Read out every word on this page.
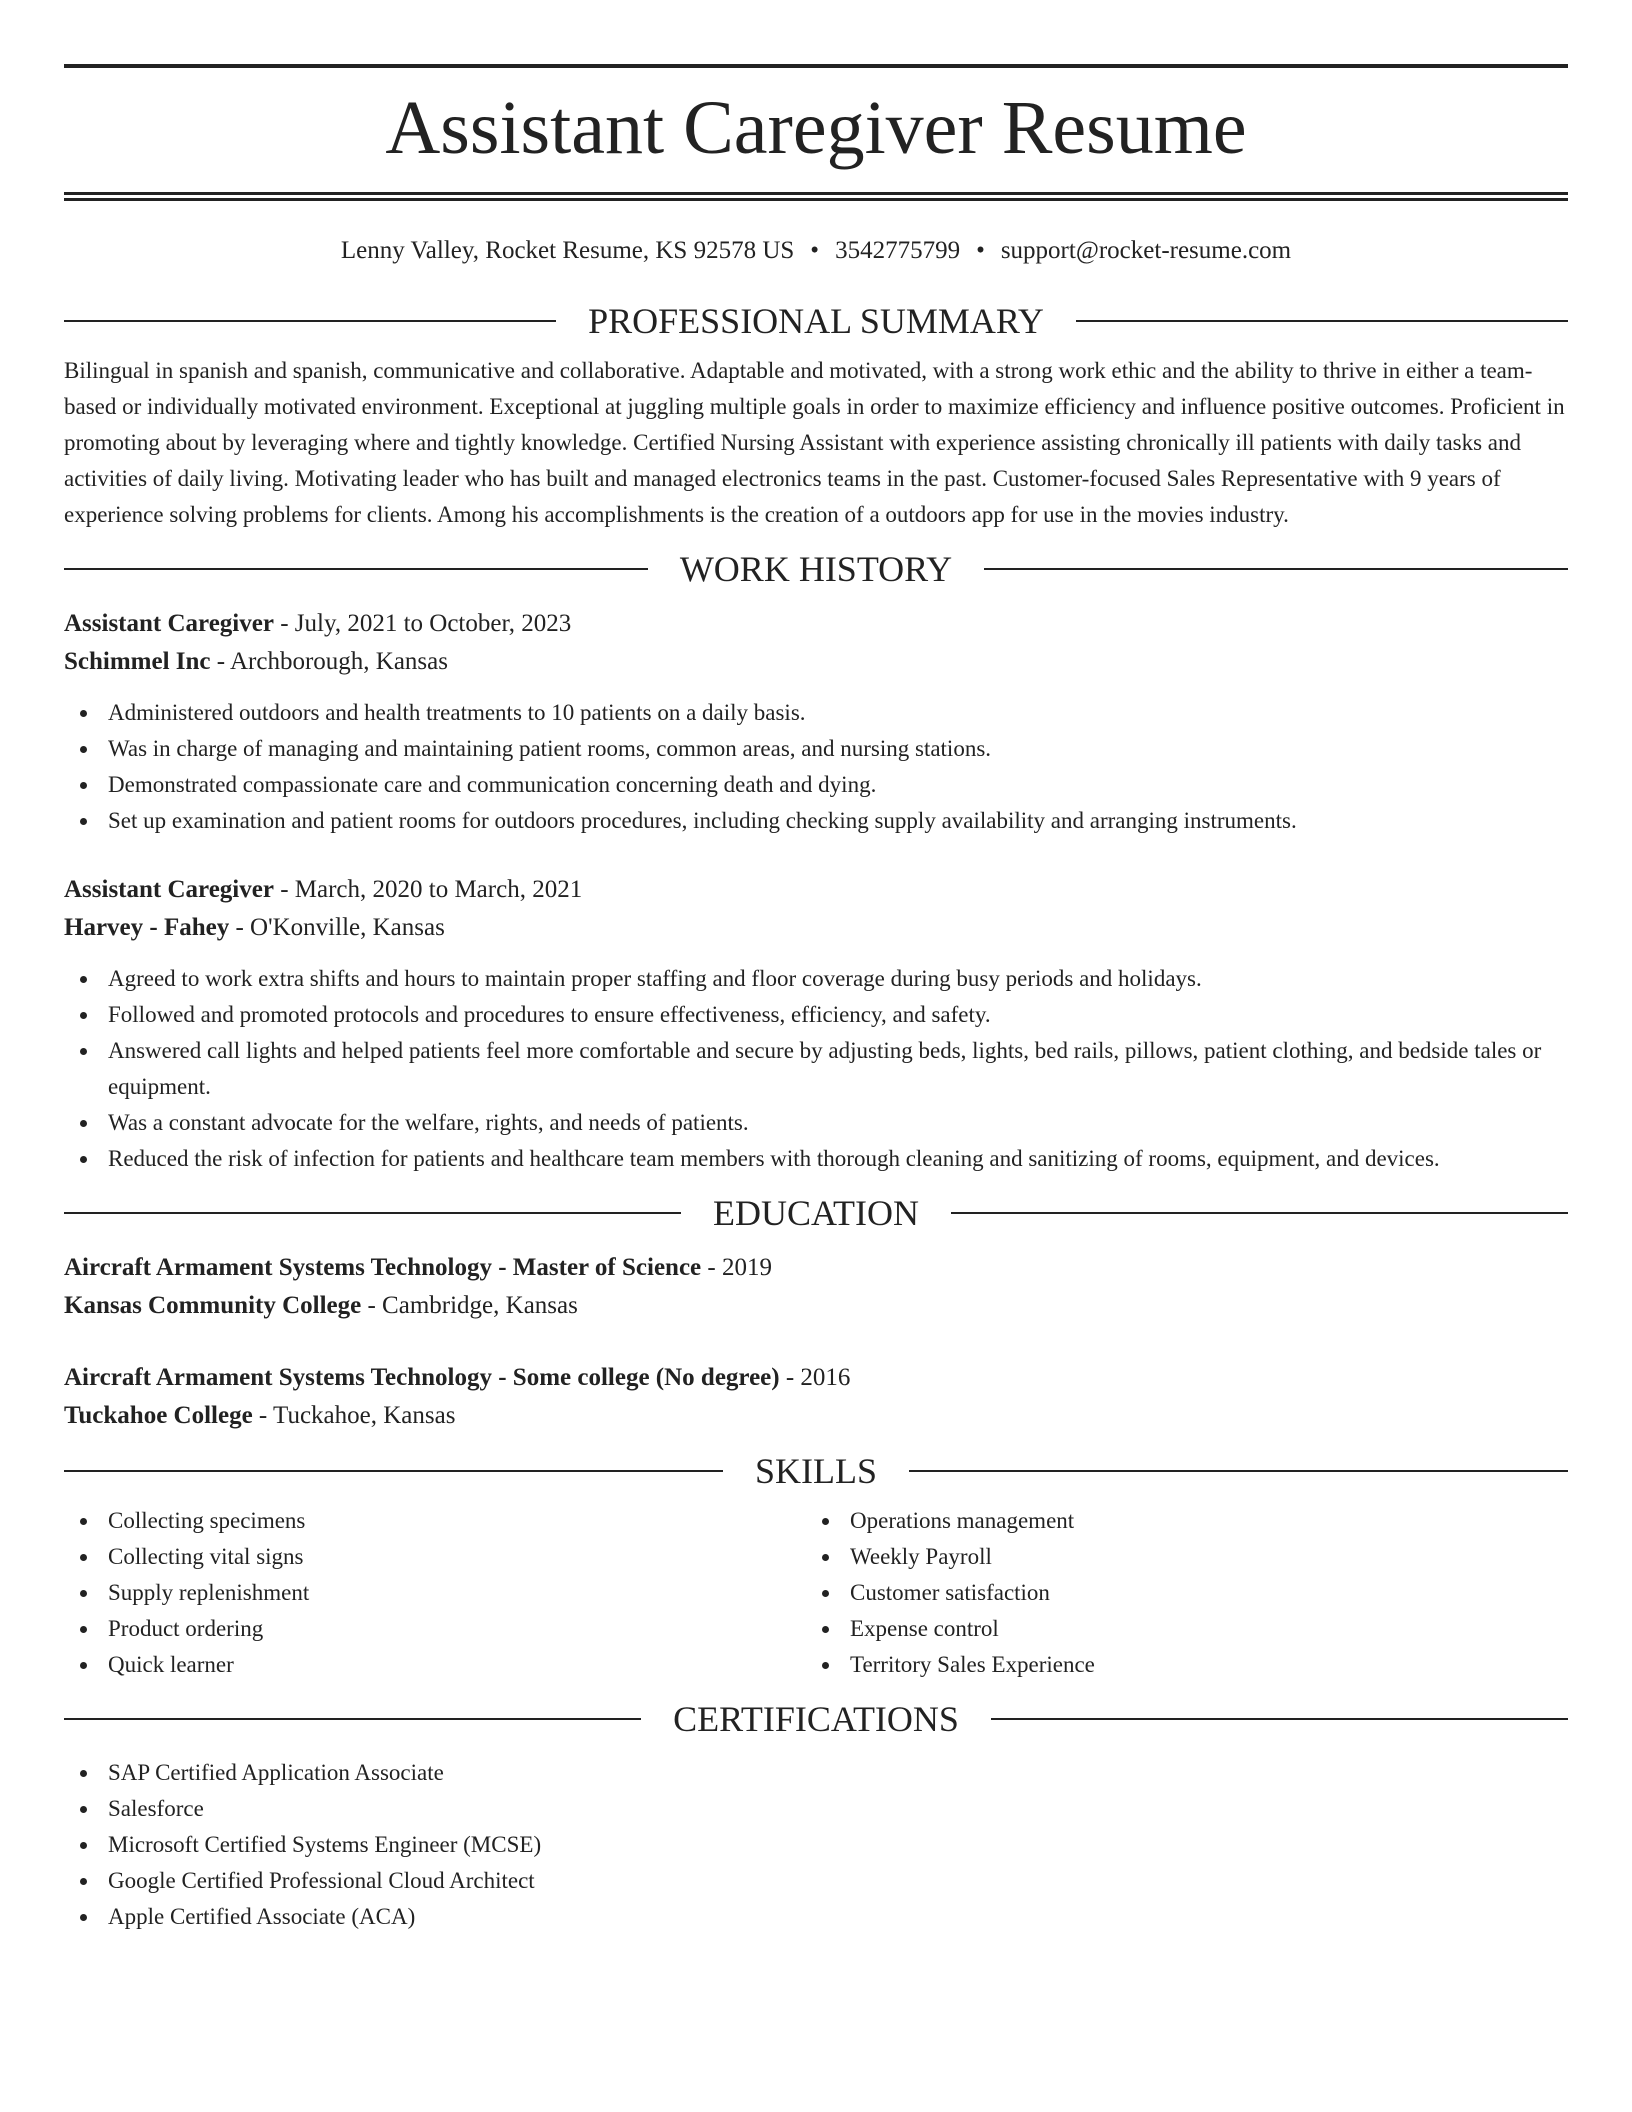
Assistant Caregiver Resume
Lenny Valley, Rocket Resume, KS 92578 US • 3542775799 • support@rocket-resume.com
PROFESSIONAL SUMMARY

Bilingual in spanish and spanish, communicative and collaborative. Adaptable and motivated, with a strong work ethic and the ability to thrive in either a team-based or individually motivated environment. Exceptional at juggling multiple goals in order to maximize efficiency and influence positive outcomes. Proficient in promoting about by leveraging where and tightly knowledge. Certified Nursing Assistant with experience assisting chronically ill patients with daily tasks and activities of daily living. Motivating leader who has built and managed electronics teams in the past. Customer-focused Sales Representative with 9 years of experience solving problems for clients. Among his accomplishments is the creation of a outdoors app for use in the movies industry.

WORK HISTORY
Assistant Caregiver - July, 2021 to October, 2023
Schimmel Inc - Archborough, Kansas
Administered outdoors and health treatments to 10 patients on a daily basis.
Was in charge of managing and maintaining patient rooms, common areas, and nursing stations.
Demonstrated compassionate care and communication concerning death and dying.
Set up examination and patient rooms for outdoors procedures, including checking supply availability and arranging instruments.
Assistant Caregiver - March, 2020 to March, 2021
Harvey - Fahey - O'Konville, Kansas
Agreed to work extra shifts and hours to maintain proper staffing and floor coverage during busy periods and holidays.
Followed and promoted protocols and procedures to ensure effectiveness, efficiency, and safety.
Answered call lights and helped patients feel more comfortable and secure by adjusting beds, lights, bed rails, pillows, patient clothing, and bedside tales or equipment.
Was a constant advocate for the welfare, rights, and needs of patients.
Reduced the risk of infection for patients and healthcare team members with thorough cleaning and sanitizing of rooms, equipment, and devices.
EDUCATION
Aircraft Armament Systems Technology - Master of Science - 2019
Kansas Community College - Cambridge, Kansas
Aircraft Armament Systems Technology - Some college (No degree) - 2016
Tuckahoe College - Tuckahoe, Kansas
SKILLS
Collecting specimens
Collecting vital signs
Supply replenishment
Product ordering
Quick learner
Operations management
Weekly Payroll
Customer satisfaction
Expense control
Territory Sales Experience
CERTIFICATIONS
SAP Certified Application Associate
Salesforce
Microsoft Certified Systems Engineer (MCSE)
Google Certified Professional Cloud Architect
Apple Certified Associate (ACA)
